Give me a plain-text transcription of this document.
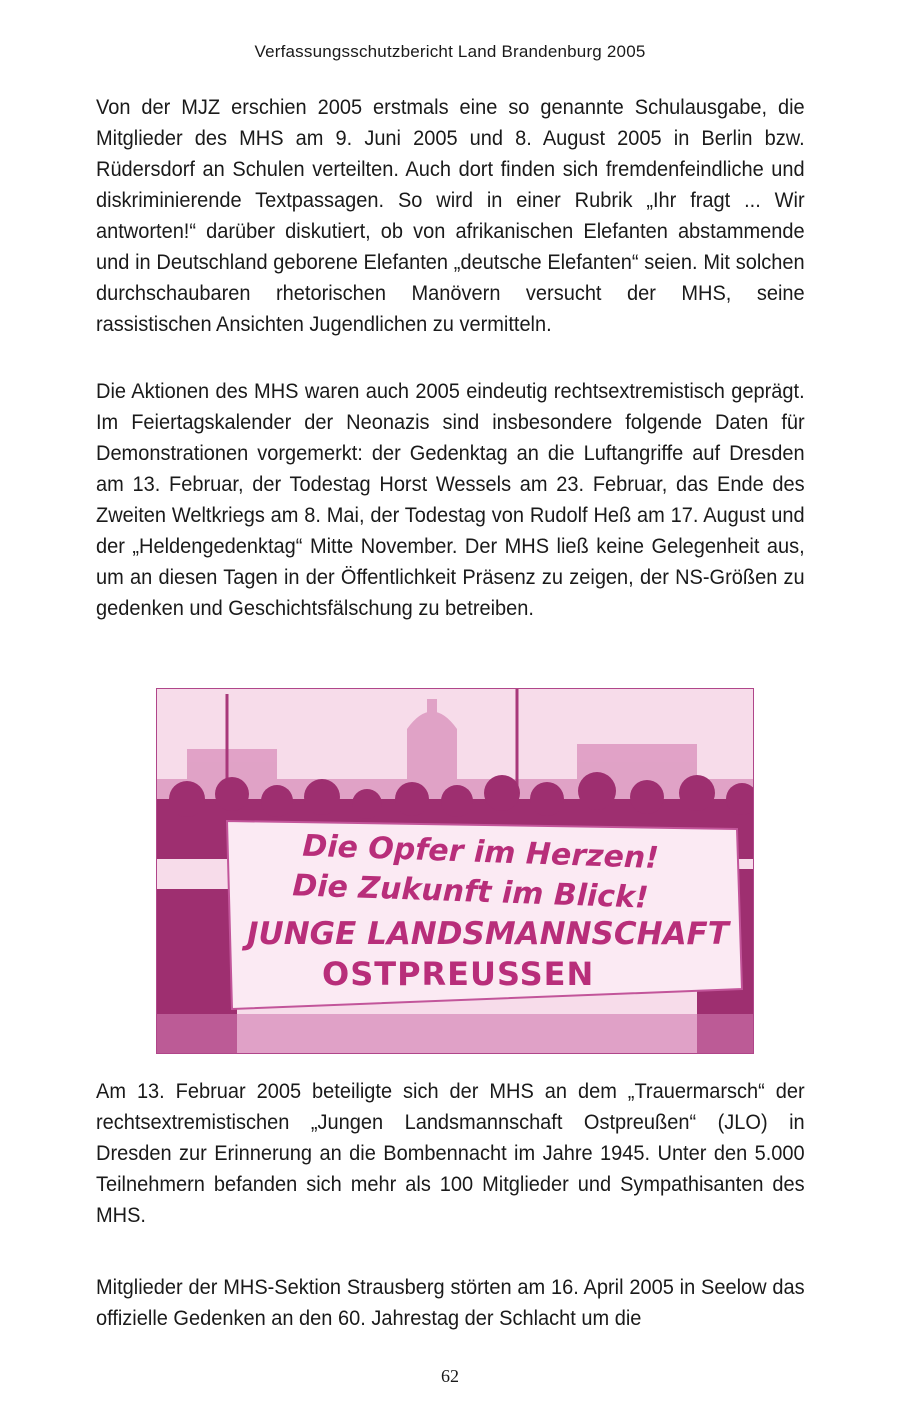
Verfassungsschutzbericht Land Brandenburg 2005

Von der MJZ erschien 2005 erstmals eine so genannte Schulausgabe, die Mitglieder des MHS am 9. Juni 2005 und 8. August 2005 in Berlin bzw. Rüdersdorf an Schulen verteilten. Auch dort finden sich fremdenfeindliche und diskriminierende Textpassagen. So wird in einer Rubrik „Ihr fragt ... Wir antworten!“ darüber diskutiert, ob von afrikanischen Elefanten abstammende und in Deutschland geborene Elefanten „deutsche Elefanten“ seien. Mit solchen durchschaubaren rhetorischen Manövern versucht der MHS, seine rassistischen Ansichten Jugendlichen zu vermitteln.

Die Aktionen des MHS waren auch 2005 eindeutig rechtsextremistisch geprägt. Im Feiertagskalender der Neonazis sind insbesondere folgende Daten für Demonstrationen vorgemerkt: der Gedenktag an die Luftangriffe auf Dresden am 13. Februar, der Todestag Horst Wessels am 23. Februar, das Ende des Zweiten Weltkriegs am 8. Mai, der Todestag von Rudolf Heß am 17. August und der „Heldengedenktag“ Mitte November. Der MHS ließ keine Gelegenheit aus, um an diesen Tagen in der Öffentlichkeit Präsenz zu zeigen, der NS-Größen zu gedenken und Geschichtsfälschung zu betreiben.

Die Opfer im Herzen!
Die Zukunft im Blick!
JUNGE LANDSMANNSCHAFT
OSTPREUSSEN

Am 13. Februar 2005 beteiligte sich der MHS an dem „Trauermarsch“ der rechtsextremistischen „Jungen Landsmannschaft Ostpreußen“ (JLO) in Dresden zur Erinnerung an die Bombennacht im Jahre 1945. Unter den 5.000 Teilnehmern befanden sich mehr als 100 Mitglieder und Sympathisanten des MHS.

Mitglieder der MHS-Sektion Strausberg störten am 16. April 2005 in Seelow das offizielle Gedenken an den 60. Jahrestag der Schlacht um die

62
